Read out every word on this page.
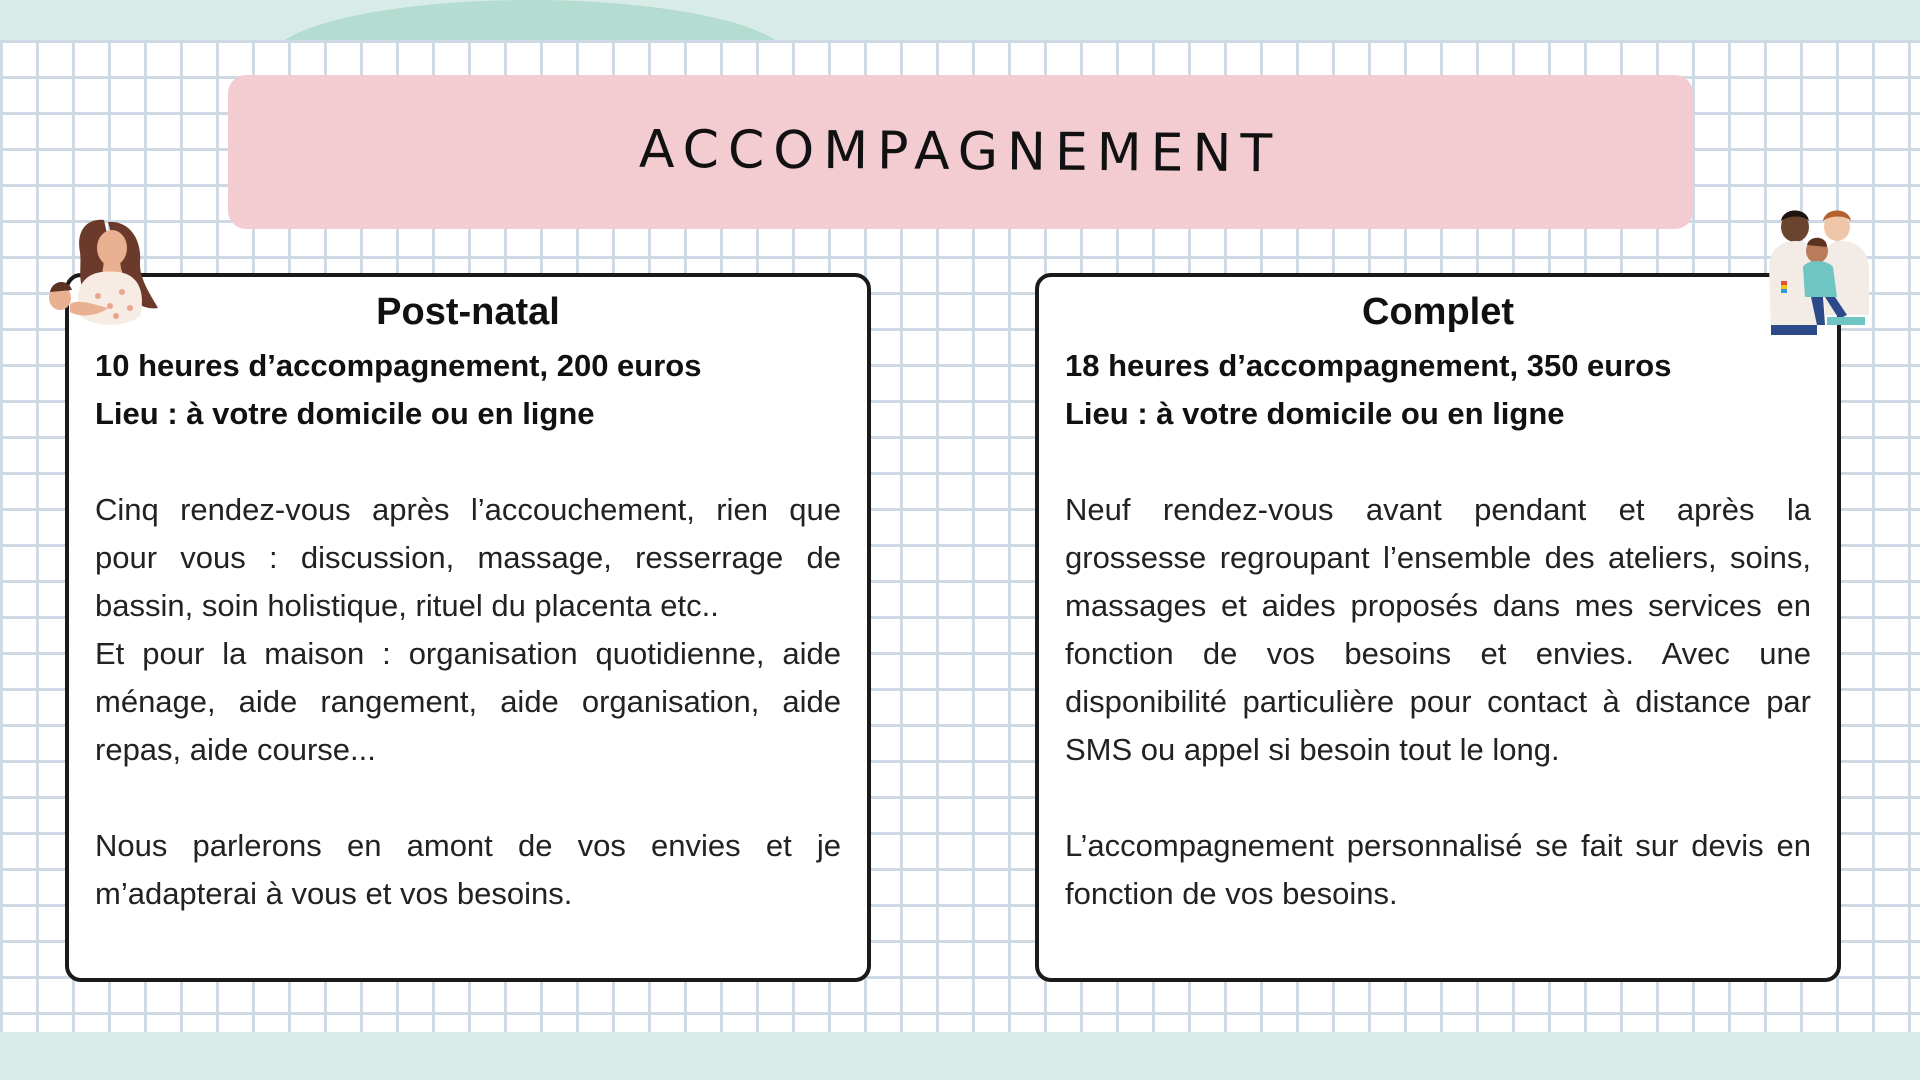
ACCOMPAGNEMENT
Post-natal

10 heures d’accompagnement, 200 euros

Lieu : à votre domicile ou en ligne

Cinq rendez-vous après l’accouchement, rien que pour vous : discussion, massage, resserrage de bassin, soin holistique, rituel du placenta etc..

Et pour la maison : organisation quotidienne, aide ménage, aide rangement, aide organisation, aide repas, aide course...

Nous parlerons en amont de vos envies et je m’adapterai à vous et vos besoins.

Complet

18 heures d’accompagnement, 350 euros

Lieu : à votre domicile ou en ligne

Neuf rendez-vous avant pendant et après la grossesse regroupant l’ensemble des ateliers, soins, massages et aides proposés dans mes services en fonction de vos besoins et envies. Avec une disponibilité particulière pour contact à distance par SMS ou appel si besoin tout le long.

L’accompagnement personnalisé se fait sur devis en fonction de vos besoins.
